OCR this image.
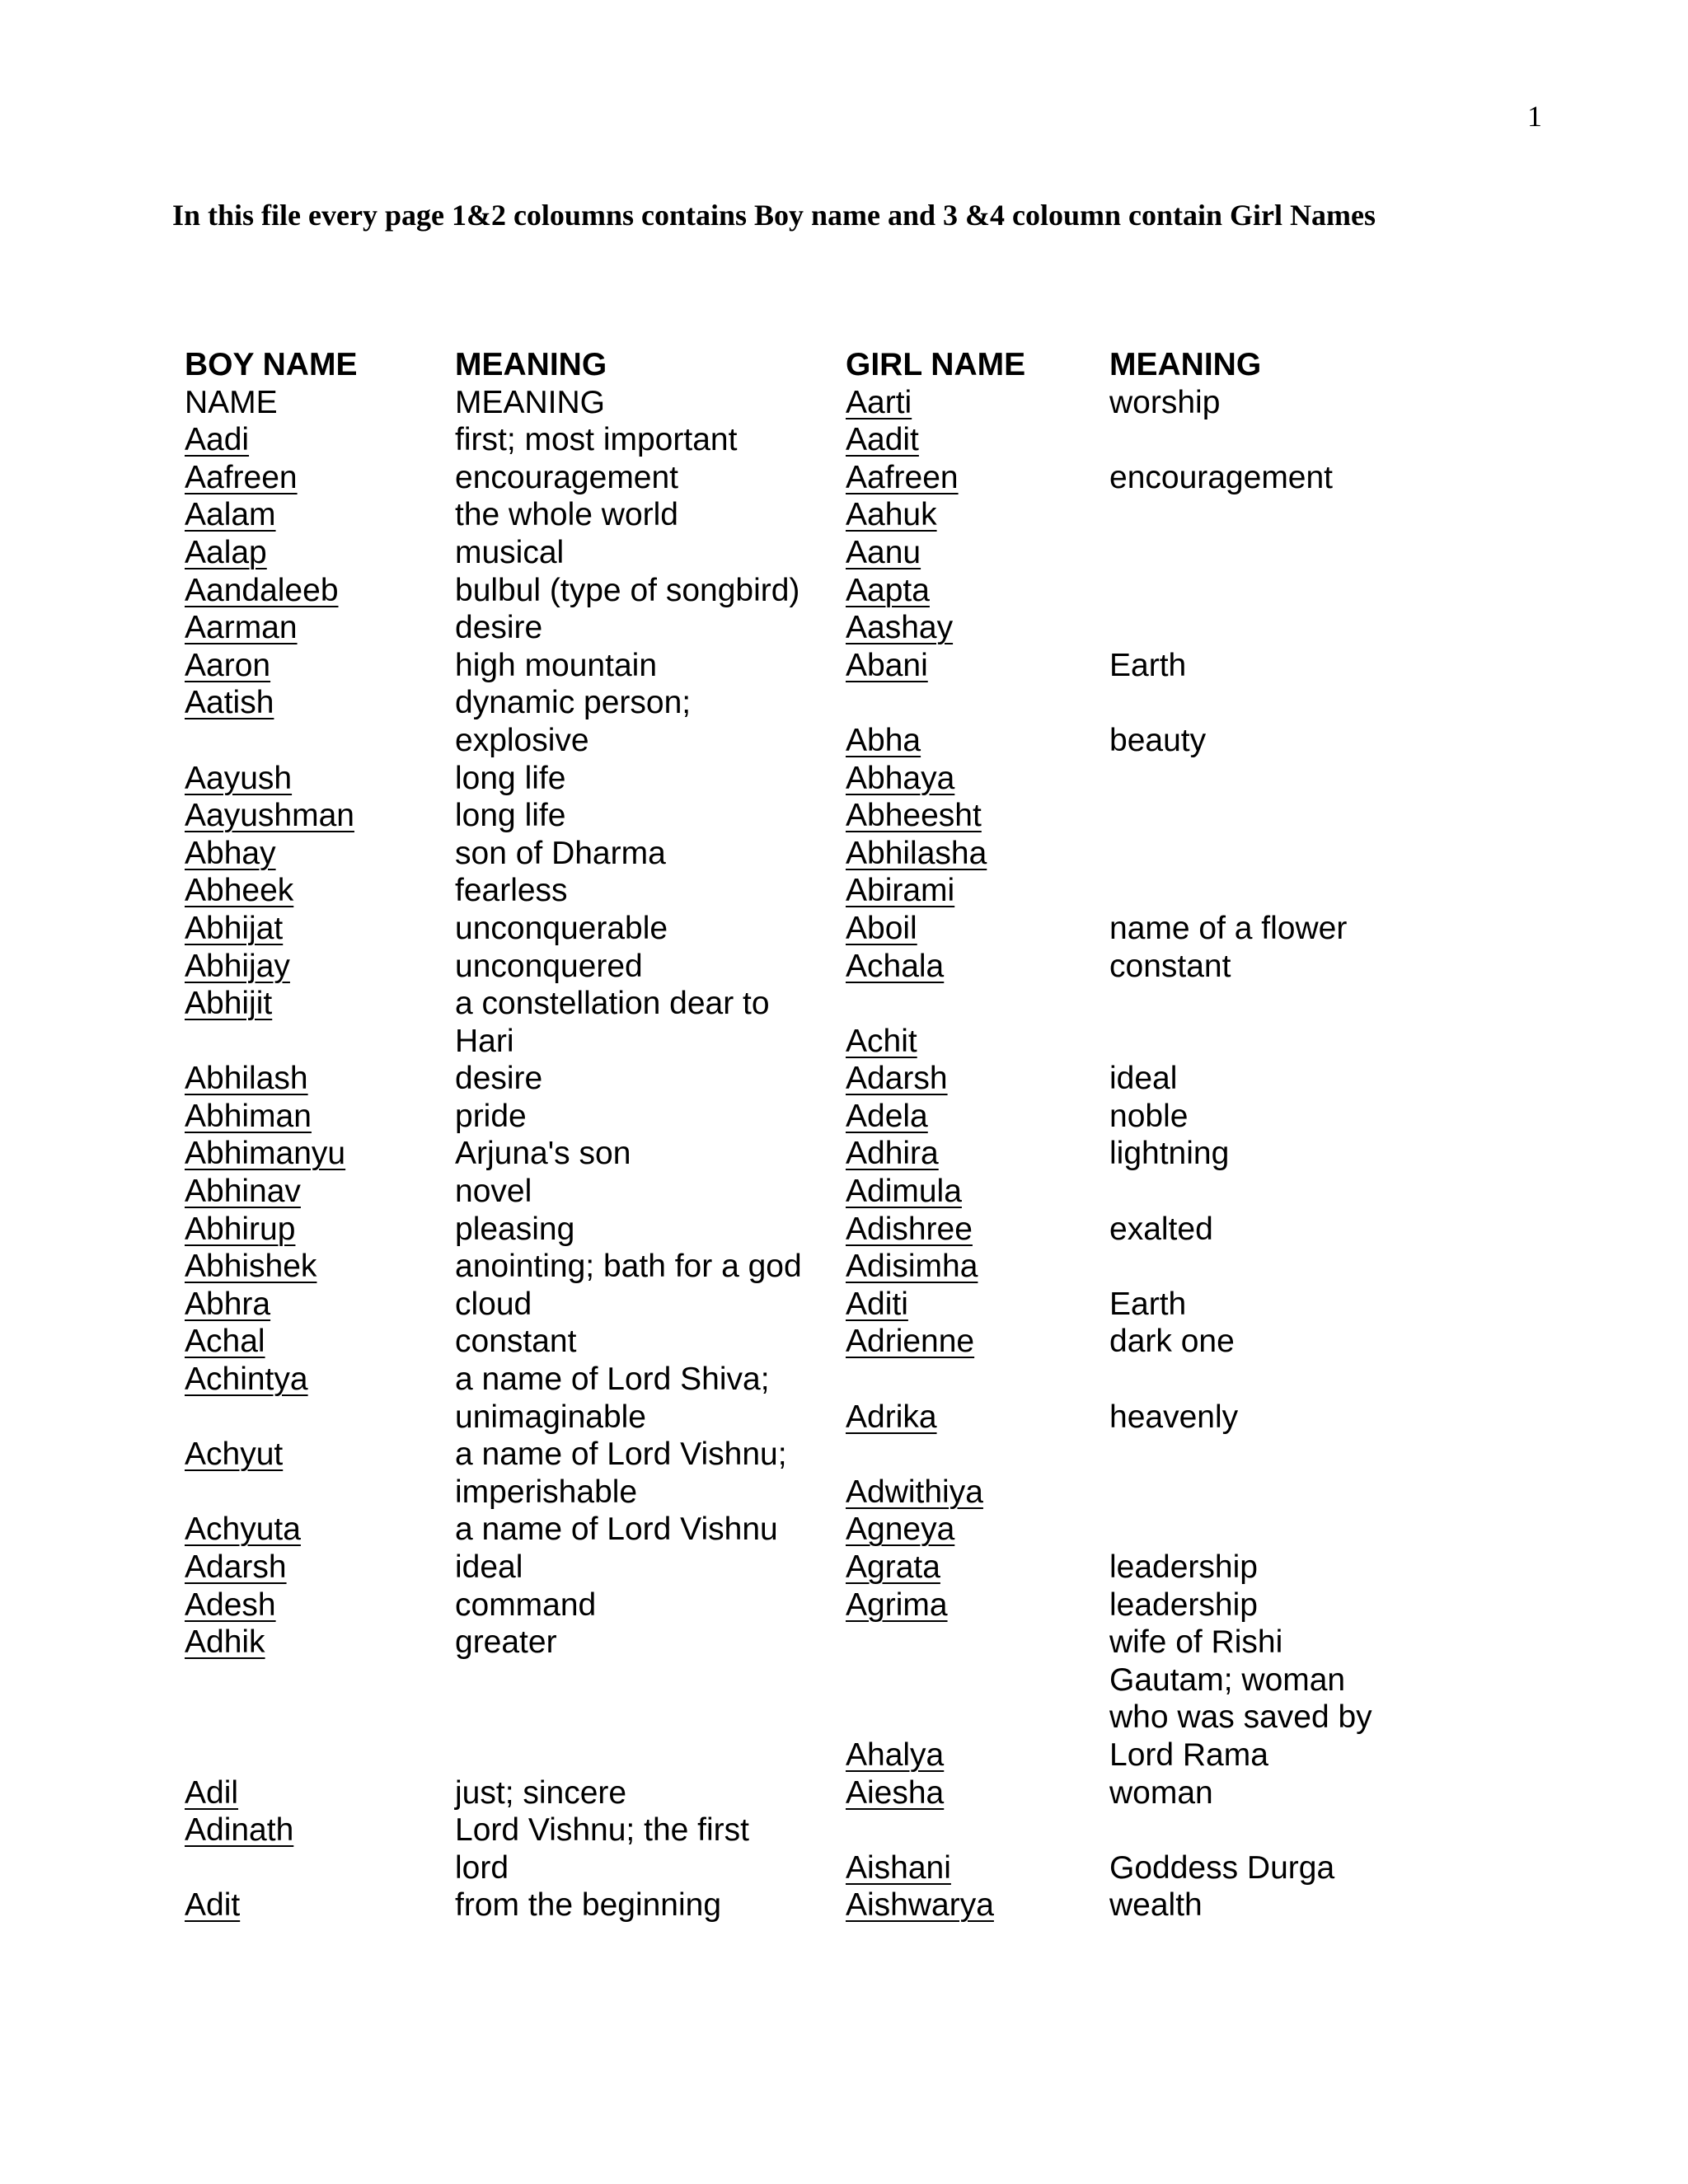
1
In this file every page 1&2 coloumns contains Boy name and 3 &4 coloumn contain Girl Names
BOY NAME	MEANING	GIRL NAME	MEANING
NAME	MEANING	Aarti	worship
Aadi	first; most important	Aadit	
Aafreen	encouragement	Aafreen	encouragement
Aalam	the whole world	Aahuk	
Aalap	musical	Aanu	
Aandaleeb	bulbul (type of songbird)	Aapta	
Aarman	desire	Aashay	
Aaron	high mountain	Abani	Earth
Aatish	dynamic person;		
	explosive	Abha	beauty
Aayush	long life	Abhaya	
Aayushman	long life	Abheesht	
Abhay	son of Dharma	Abhilasha	
Abheek	fearless	Abirami	
Abhijat	unconquerable	Aboil	name of a flower
Abhijay	unconquered	Achala	constant
Abhijit	a constellation dear to		
	Hari	Achit	
Abhilash	desire	Adarsh	ideal
Abhiman	pride	Adela	noble
Abhimanyu	Arjuna's son	Adhira	lightning
Abhinav	novel	Adimula	
Abhirup	pleasing	Adishree	exalted
Abhishek	anointing; bath for a god	Adisimha	
Abhra	cloud	Aditi	Earth
Achal	constant	Adrienne	dark one
Achintya	a name of Lord Shiva;		
	unimaginable	Adrika	heavenly
Achyut	a name of Lord Vishnu;		
	imperishable	Adwithiya	
Achyuta	a name of Lord Vishnu	Agneya	
Adarsh	ideal	Agrata	leadership
Adesh	command	Agrima	leadership
Adhik	greater		wife of Rishi
			Gautam; woman
			who was saved by
		Ahalya	Lord Rama
Adil	just; sincere	Aiesha	woman
Adinath	Lord Vishnu; the first		
	lord	Aishani	Goddess Durga
Adit	from the beginning	Aishwarya	wealth
